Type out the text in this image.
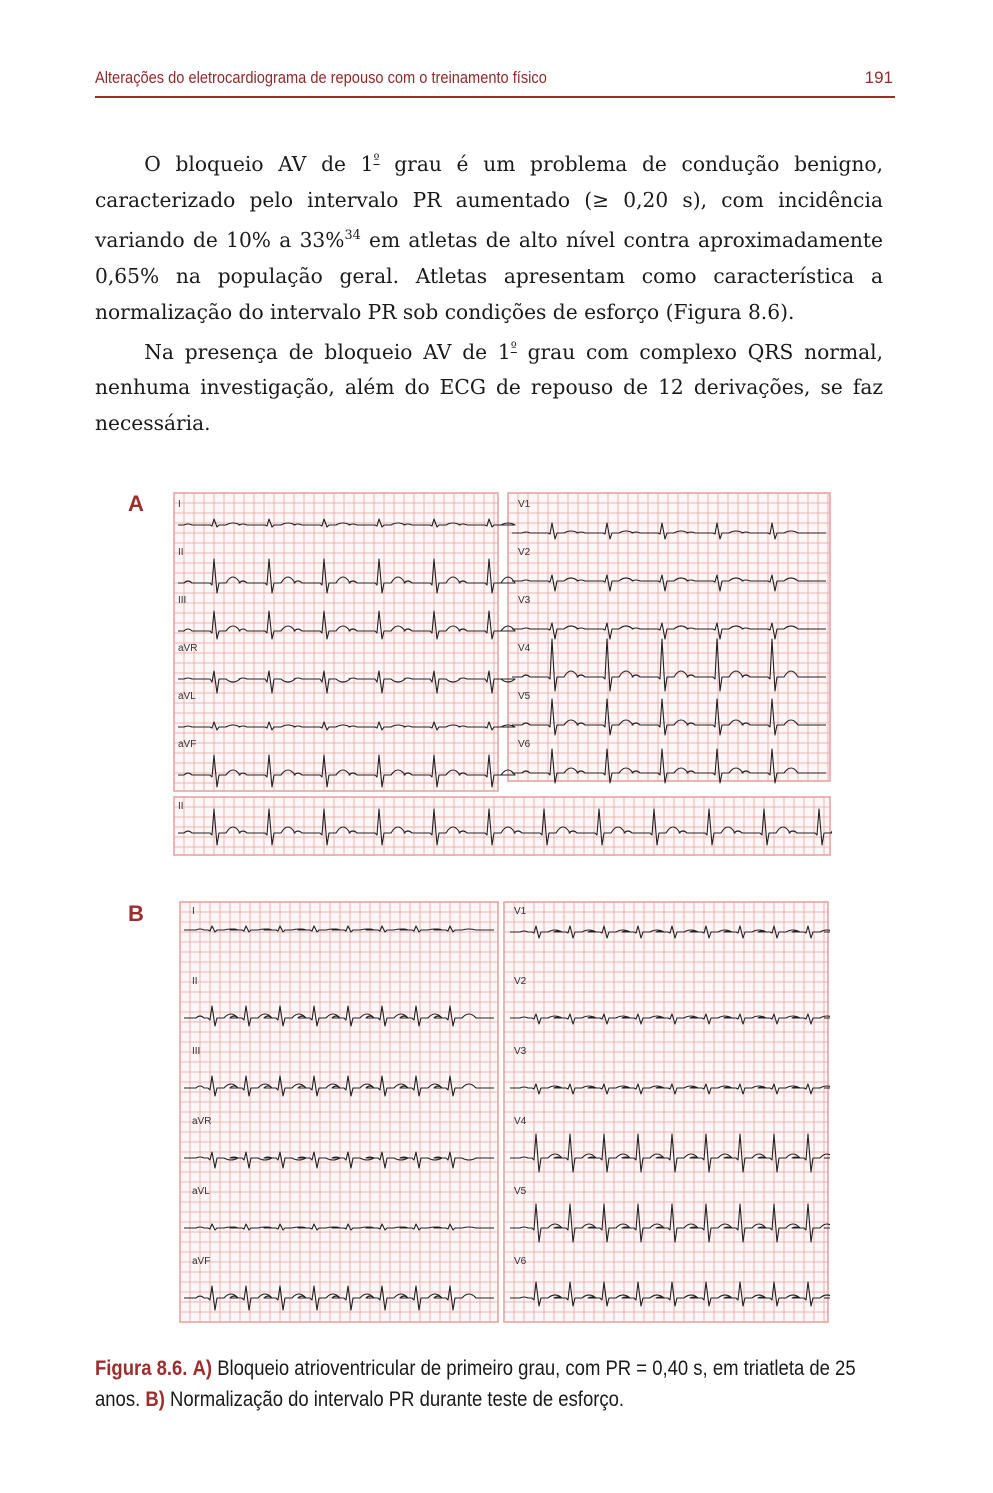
Alterações do eletrocardiograma de repouso com o treinamento físico	191

O bloqueio AV de $1^º$ grau é um problema de condução benigno, caracterizado pelo intervalo PR aumentado (≥ 0,20 s), com incidência variando de 10% a 33%$^{34}$ em atletas de alto nível contra aproximadamente 0,65% na população geral. Atletas apresentam como característica a normalização do intervalo PR sob condições de esforço (Figura 8.6).

Na presença de bloqueio AV de $1^º$ grau com complexo QRS normal, nenhuma investigação, além do ECG de repouso de 12 derivações, se faz necessária.

A
B
I
II
III
aVR
aVL
aVF
V1
V2
V3
V4
V5
V6
II
I
II
III
aVR
aVL
aVF
V1
V2
V3
V4
V5
V6
Figura 8.6. A) Bloqueio atrioventricular de primeiro grau, com PR = 0,40 s, em triatleta de 25 anos. B) Normalização do intervalo PR durante teste de esforço.
